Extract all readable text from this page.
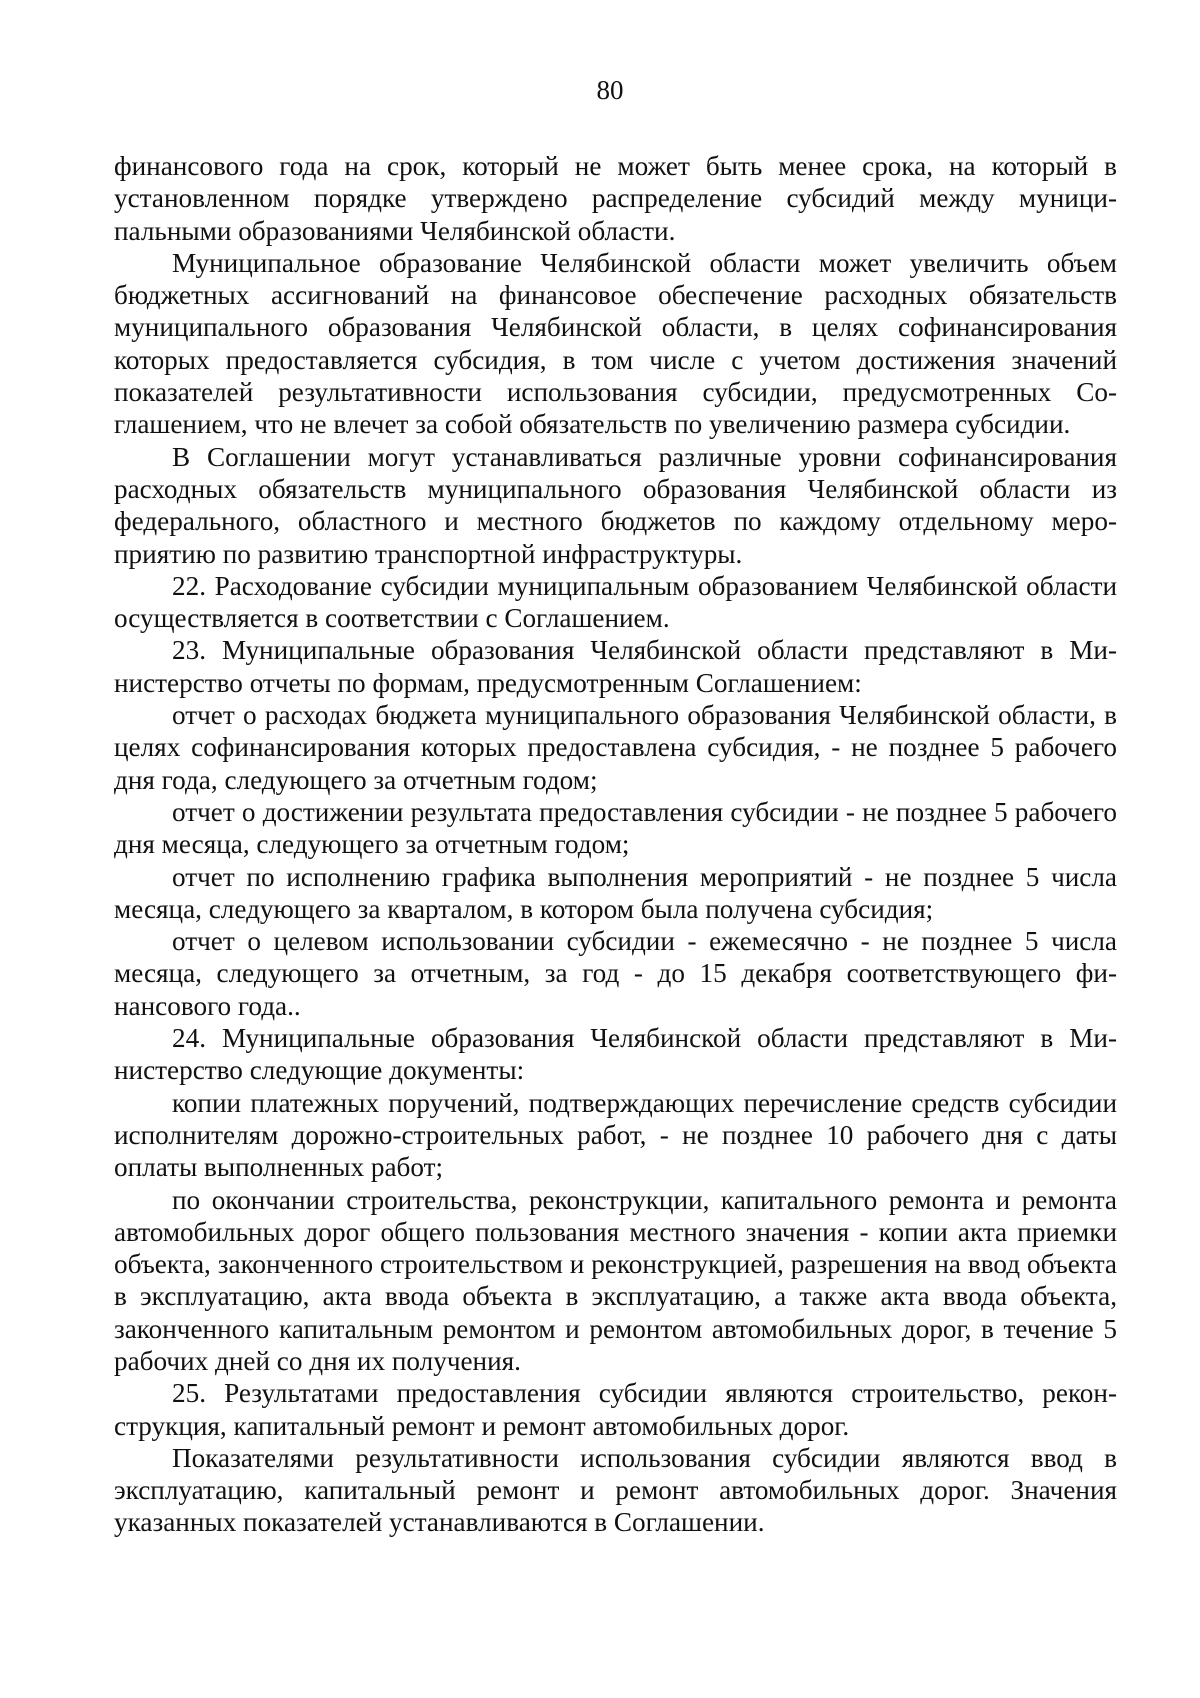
80

финансового года на срок, который не может быть менее срока, на который в установленном порядке утверждено распределение субсидий между муниципальными образованиями Челябинской области.

Муниципальное образование Челябинской области может увеличить объем бюджетных ассигнований на финансовое обеспечение расходных обязательств муниципального образования Челябинской области, в целях софинансирования которых предоставляется субсидия, в том числе с учетом достижения значений показателей результативности использования субсидии, предусмотренных Соглашением, что не влечет за собой обязательств по увеличению размера субсидии.

В Соглашении могут устанавливаться различные уровни софинансирования расходных обязательств муниципального образования Челябинской области из федерального, областного и местного бюджетов по каждому отдельному мероприятию по развитию транспортной инфраструктуры.

22. Расходование субсидии муниципальным образованием Челябинской области осуществляется в соответствии с Соглашением.

23. Муниципальные образования Челябинской области представляют в Министерство отчеты по формам, предусмотренным Соглашением:

отчет о расходах бюджета муниципального образования Челябинской области, в целях софинансирования которых предоставлена субсидия, - не позднее 5 рабочего дня года, следующего за отчетным годом;

отчет о достижении результата предоставления субсидии - не позднее 5 рабочего дня месяца, следующего за отчетным годом;

отчет по исполнению графика выполнения мероприятий - не позднее 5 числа месяца, следующего за кварталом, в котором была получена субсидия;

отчет о целевом использовании субсидии - ежемесячно - не позднее 5 числа месяца, следующего за отчетным, за год - до 15 декабря соответствующего финансового года..

24. Муниципальные образования Челябинской области представляют в Министерство следующие документы:

копии платежных поручений, подтверждающих перечисление средств субсидии исполнителям дорожно-строительных работ, - не позднее 10 рабочего дня с даты оплаты выполненных работ;

по окончании строительства, реконструкции, капитального ремонта и ремонта автомобильных дорог общего пользования местного значения - копии акта приемки объекта, законченного строительством и реконструкцией, разрешения на ввод объекта в эксплуатацию, акта ввода объекта в эксплуатацию, а также акта ввода объекта, законченного капитальным ремонтом и ремонтом автомобильных дорог, в течение 5 рабочих дней со дня их получения.

25. Результатами предоставления субсидии являются строительство, реконструкция, капитальный ремонт и ремонт автомобильных дорог.

Показателями результативности использования субсидии являются ввод в эксплуатацию, капитальный ремонт и ремонт автомобильных дорог. Значения указанных показателей устанавливаются в Соглашении.
